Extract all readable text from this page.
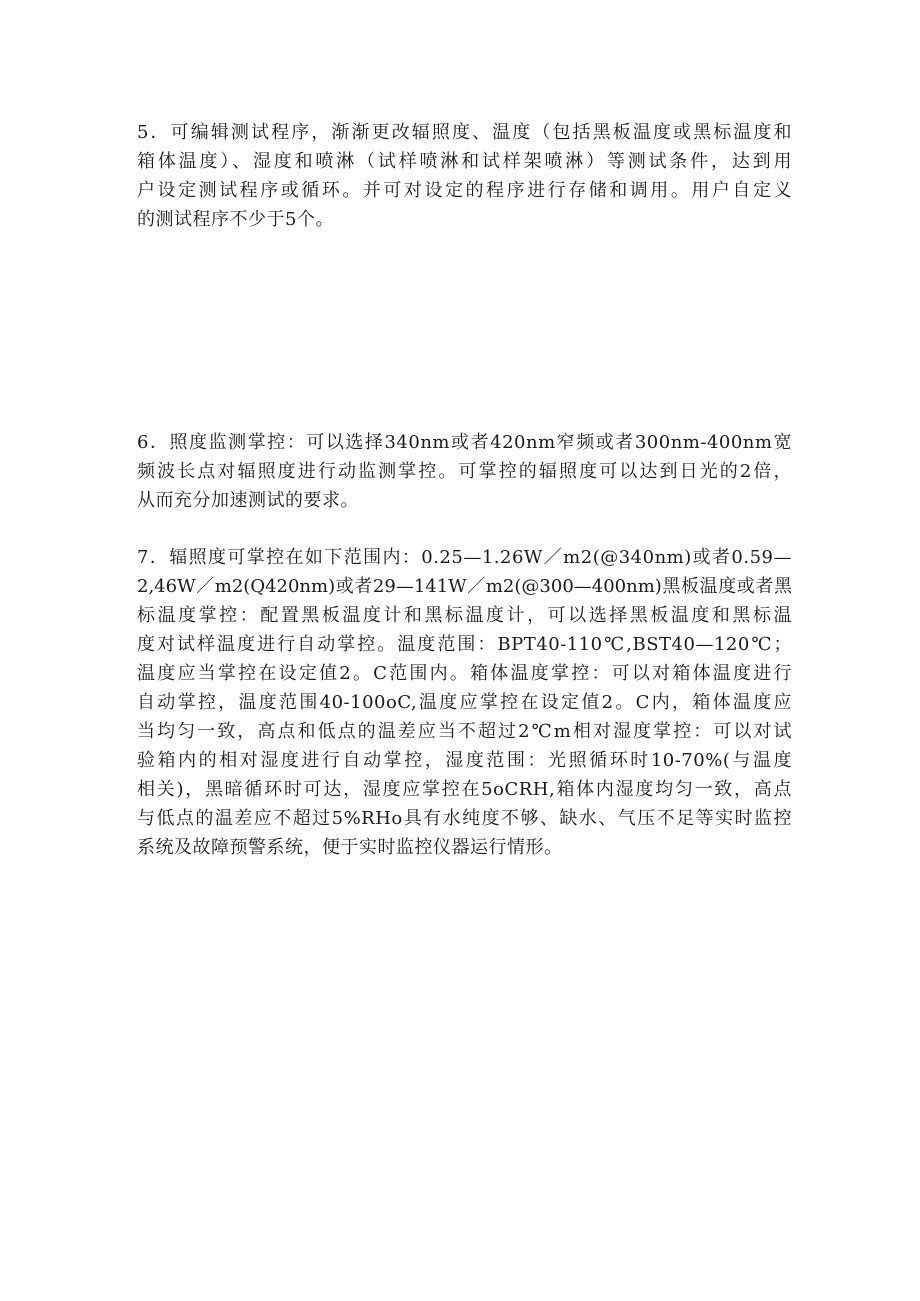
5．可编辑测试程序，渐渐更改辐照度、温度（包括黑板温度或黑标温度和
箱体温度）、湿度和喷淋（试样喷淋和试样架喷淋）等测试条件，达到用
户设定测试程序或循环。并可对设定的程序进行存储和调用。用户自定义
的测试程序不少于5个。
6．照度监测掌控：可以选择340nm或者420nm窄频或者300nm-400nm宽
频波长点对辐照度进行动监测掌控。可掌控的辐照度可以达到日光的2倍，
从而充分加速测试的要求。
7．辐照度可掌控在如下范围内：0.25—1.26W／m2(@340nm)或者0.59—
2,46W／m2(Q420nm)或者29—141W／m2(@300—400nm)黑板温度或者黑
标温度掌控：配置黑板温度计和黑标温度计，可以选择黑板温度和黑标温
度对试样温度进行自动掌控。温度范围：BPT40-110℃,BST40—120℃；
温度应当掌控在设定值2。C范围内。箱体温度掌控：可以对箱体温度进行
自动掌控，温度范围40-100oC,温度应掌控在设定值2。C内，箱体温度应
当均匀一致，高点和低点的温差应当不超过2℃m相对湿度掌控：可以对试
验箱内的相对湿度进行自动掌控，湿度范围：光照循环时10-70%(与温度
相关)，黑暗循环时可达，湿度应掌控在5oCRH,箱体内湿度均匀一致，高点
与低点的温差应不超过5%RHo具有水纯度不够、缺水、气压不足等实时监控
系统及故障预警系统，便于实时监控仪器运行情形。
